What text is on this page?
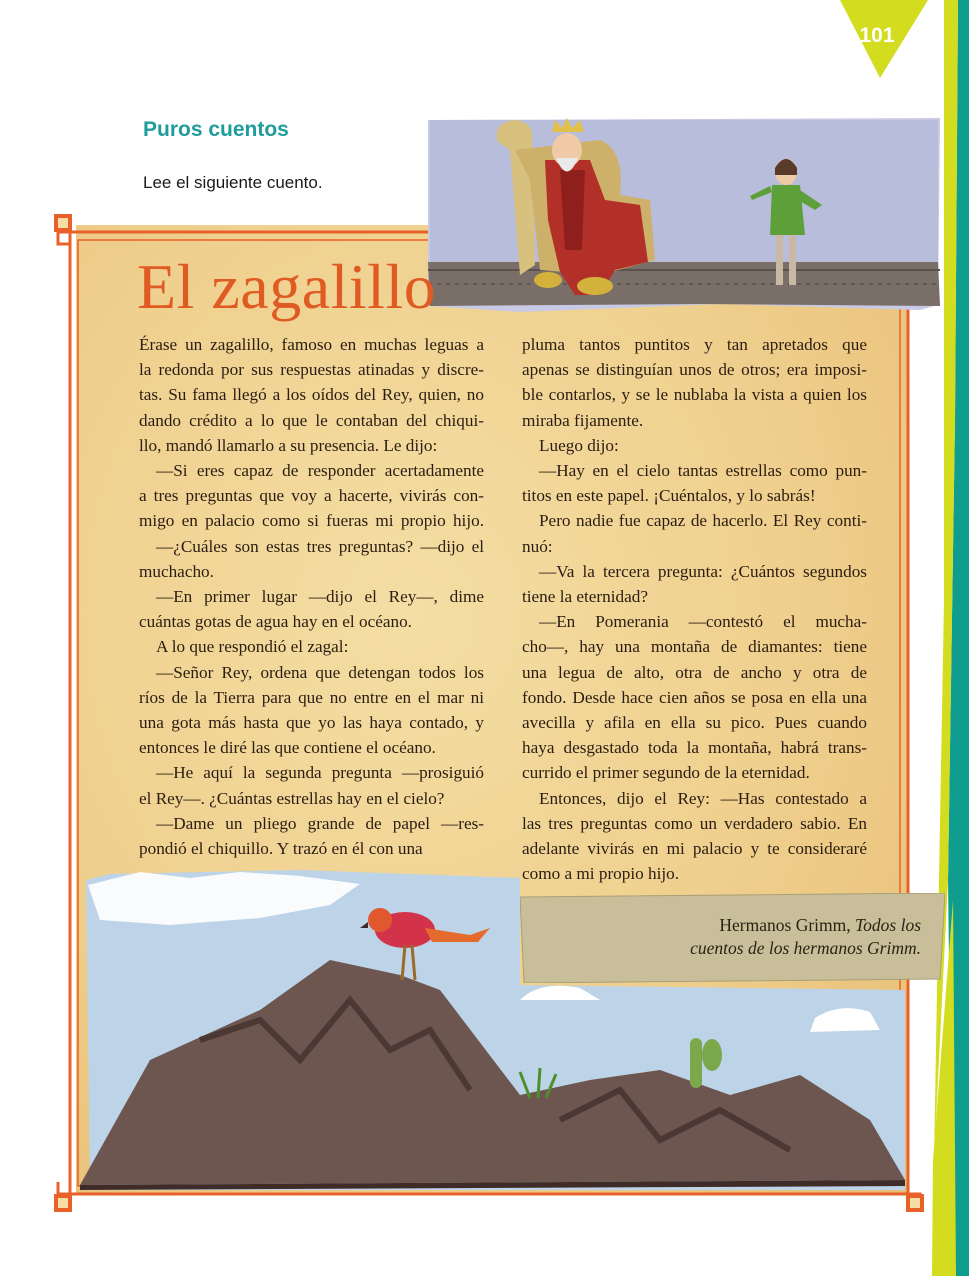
101
Puros cuentos
Lee el siguiente cuento.
El zagalillo
Érase un zagalillo, famoso en muchas leguas a
la redonda por sus respuestas atinadas y discre-
tas. Su fama llegó a los oídos del Rey, quien, no
dando crédito a lo que le contaban del chiqui-
llo, mandó llamarlo a su presencia. Le dijo:
—Si eres capaz de responder acertadamente
a tres preguntas que voy a hacerte, vivirás con-
migo en palacio como si fueras mi propio hijo.
—¿Cuáles son estas tres preguntas? —dijo el
muchacho.
—En primer lugar —dijo el Rey—, dime
cuántas gotas de agua hay en el océano.
A lo que respondió el zagal:
—Señor Rey, ordena que detengan todos los
ríos de la Tierra para que no entre en el mar ni
una gota más hasta que yo las haya contado, y
entonces le diré las que contiene el océano.
—He aquí la segunda pregunta —prosiguió
el Rey—. ¿Cuántas estrellas hay en el cielo?
—Dame un pliego grande de papel —res-
pondió el chiquillo. Y trazó en él con una
pluma tantos puntitos y tan apretados que
apenas se distinguían unos de otros; era imposi-
ble contarlos, y se le nublaba la vista a quien los
miraba fijamente.
Luego dijo:
—Hay en el cielo tantas estrellas como pun-
titos en este papel. ¡Cuéntalos, y lo sabrás!
Pero nadie fue capaz de hacerlo. El Rey conti-
nuó:
—Va la tercera pregunta: ¿Cuántos segundos
tiene la eternidad?
—En Pomerania —contestó el mucha-
cho—, hay una montaña de diamantes: tiene
una legua de alto, otra de ancho y otra de
fondo. Desde hace cien años se posa en ella una
avecilla y afila en ella su pico. Pues cuando
haya desgastado toda la montaña, habrá trans-
currido el primer segundo de la eternidad.
Entonces, dijo el Rey: —Has contestado a
las tres preguntas como un verdadero sabio. En
adelante vivirás en mi palacio y te consideraré
como a mi propio hijo.
Hermanos Grimm, Todos los
cuentos de los hermanos Grimm.
